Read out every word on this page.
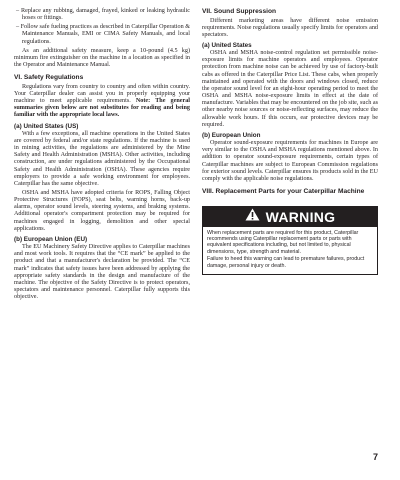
– Replace any rubbing, damaged, frayed, kinked or leaking hydraulic hoses or fittings.

– Follow safe fueling practices as described in Caterpillar Operation & Maintenance Manuals, EMI or CIMA Safety Manuals, and local regulations.

As an additional safety measure, keep a 10-pound (4.5 kg) minimum fire extinguisher on the machine in a location as specified in the Operator and Maintenance Manual.

VI. Safety Regulations

Regulations vary from country to country and often within country. Your Caterpillar dealer can assist you in properly equipping your machine to meet applicable requirements. Note: The general summaries given below are not substitutes for reading and being familiar with the appropriate local laws.

(a) United States (US)

With a few exceptions, all machine operations in the United States are covered by federal and/or state regulations. If the machine is used in mining activities, the regulations are administered by the Mine Safety and Health Administration (MSHA). Other activities, including construction, are under regulations administered by the Occupational Safety and Health Administration (OSHA). These agencies require employers to provide a safe working environment for employees. Caterpillar has the same objective.

OSHA and MSHA have adopted criteria for ROPS, Falling Object Protective Structures (FOPS), seat belts, warning horns, back-up alarms, operator sound levels, steering systems, and braking systems. Additional operator's compartment protection may be required for machines engaged in logging, demolition and other special applications.

(b) European Union (EU)

The EU Machinery Safety Directive applies to Caterpillar machines and most work tools. It requires that the “CE mark” be applied to the product and that a manufacturer's declaration be provided. The “CE mark” indicates that safety issues have been addressed by applying the appropriate safety standards in the design and manufacture of the machine. The objective of the Safety Directive is to protect operators, spectators and maintenance personnel. Caterpillar fully supports this objective.

VII. Sound Suppression

Different marketing areas have different noise emission requirements. Noise regulations usually specify limits for operators and spectators.

(a) United States

OSHA and MSHA noise-control regulation set permissible noise-exposure limits for machine operators and employees. Operator protection from machine noise can be achieved by use of factory-built cabs as offered in the Caterpillar Price List. These cabs, when properly maintained and operated with the doors and windows closed, reduce the operator sound level for an eight-hour operating period to meet the OSHA and MSHA noise-exposure limits in effect at the date of manufacture. Variables that may be encountered on the job site, such as other nearby noise sources or noise-reflecting surfaces, may reduce the allowable work hours. If this occurs, ear protective devices may be required.

(b) European Union

Operator sound-exposure requirements for machines in Europe are very similar to the OSHA and MSHA regulations mentioned above. In addition to operator sound-exposure requirements, certain types of Caterpillar machines are subject to European Commission regulations for exterior sound levels. Caterpillar ensures its products sold in the EU comply with the applicable noise regulations.

VIII. Replacement Parts for your Caterpillar Machine
WARNING

When replacement parts are required for this product, Caterpillar recommends using Caterpillar replacement parts or parts with equivalent specifications including, but not limited to, physical dimensions, type, strength and material.

Failure to heed this warning can lead to premature failures, product damage, personal injury or death.

7
